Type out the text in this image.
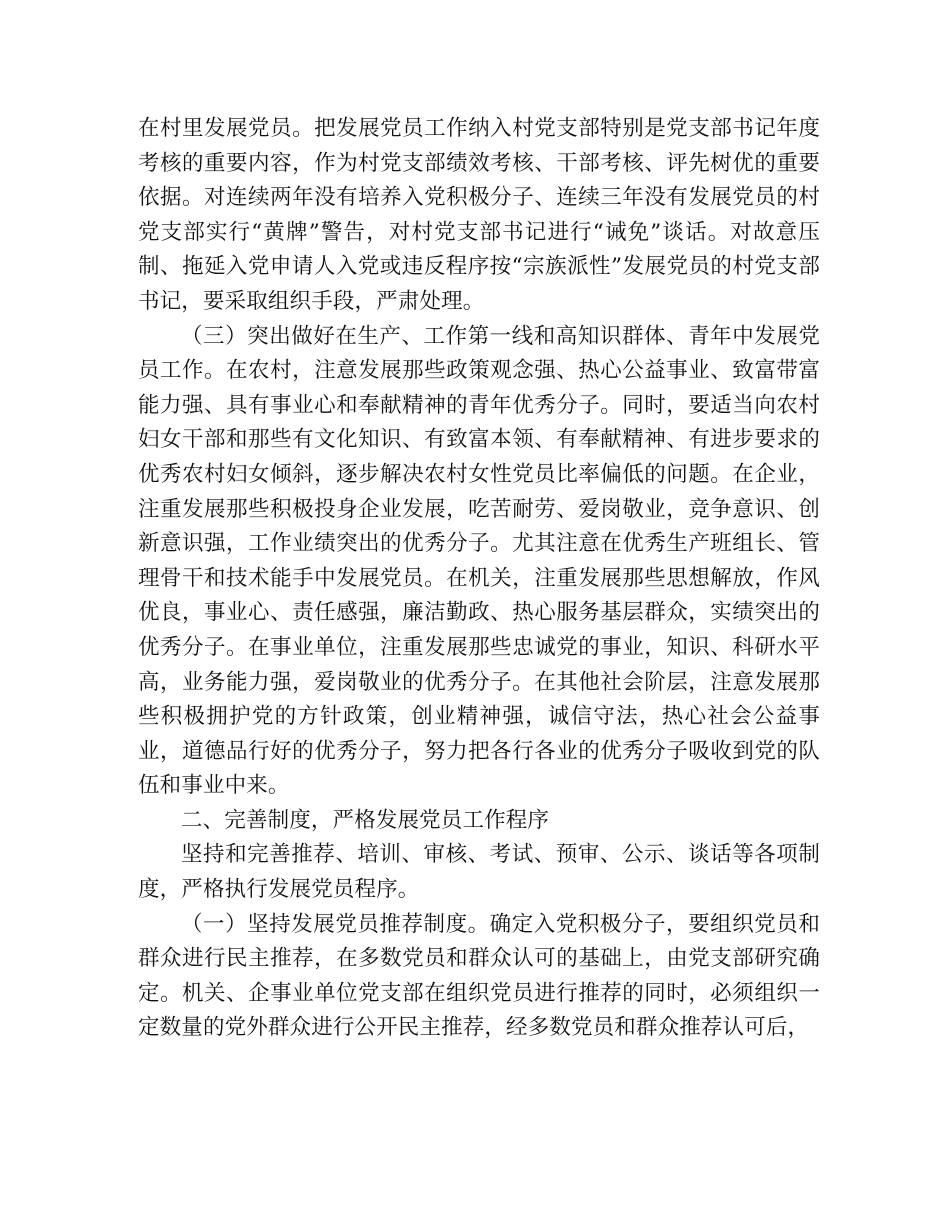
在村里发展党员。把发展党员工作纳入村党支部特别是党支部书记年度考核的重要内容，作为村党支部绩效考核、干部考核、评先树优的重要依据。对连续两年没有培养入党积极分子、连续三年没有发展党员的村党支部实行“黄牌”警告，对村党支部书记进行“诫免”谈话。对故意压制、拖延入党申请人入党或违反程序按“宗族派性”发展党员的村党支部书记，要采取组织手段，严肃处理。

（三）突出做好在生产、工作第一线和高知识群体、青年中发展党员工作。在农村，注意发展那些政策观念强、热心公益事业、致富带富能力强、具有事业心和奉献精神的青年优秀分子。同时，要适当向农村妇女干部和那些有文化知识、有致富本领、有奉献精神、有进步要求的优秀农村妇女倾斜，逐步解决农村女性党员比率偏低的问题。在企业，注重发展那些积极投身企业发展，吃苦耐劳、爱岗敬业，竞争意识、创新意识强，工作业绩突出的优秀分子。尤其注意在优秀生产班组长、管理骨干和技术能手中发展党员。在机关，注重发展那些思想解放，作风优良，事业心、责任感强，廉洁勤政、热心服务基层群众，实绩突出的优秀分子。在事业单位，注重发展那些忠诚党的事业，知识、科研水平高，业务能力强，爱岗敬业的优秀分子。在其他社会阶层，注意发展那些积极拥护党的方针政策，创业精神强，诚信守法，热心社会公益事业，道德品行好的优秀分子，努力把各行各业的优秀分子吸收到党的队伍和事业中来。

二、完善制度，严格发展党员工作程序

坚持和完善推荐、培训、审核、考试、预审、公示、谈话等各项制度，严格执行发展党员程序。

（一）坚持发展党员推荐制度。确定入党积极分子，要组织党员和群众进行民主推荐，在多数党员和群众认可的基础上，由党支部研究确定。机关、企事业单位党支部在组织党员进行推荐的同时，必须组织一定数量的党外群众进行公开民主推荐，经多数党员和群众推荐认可后，
